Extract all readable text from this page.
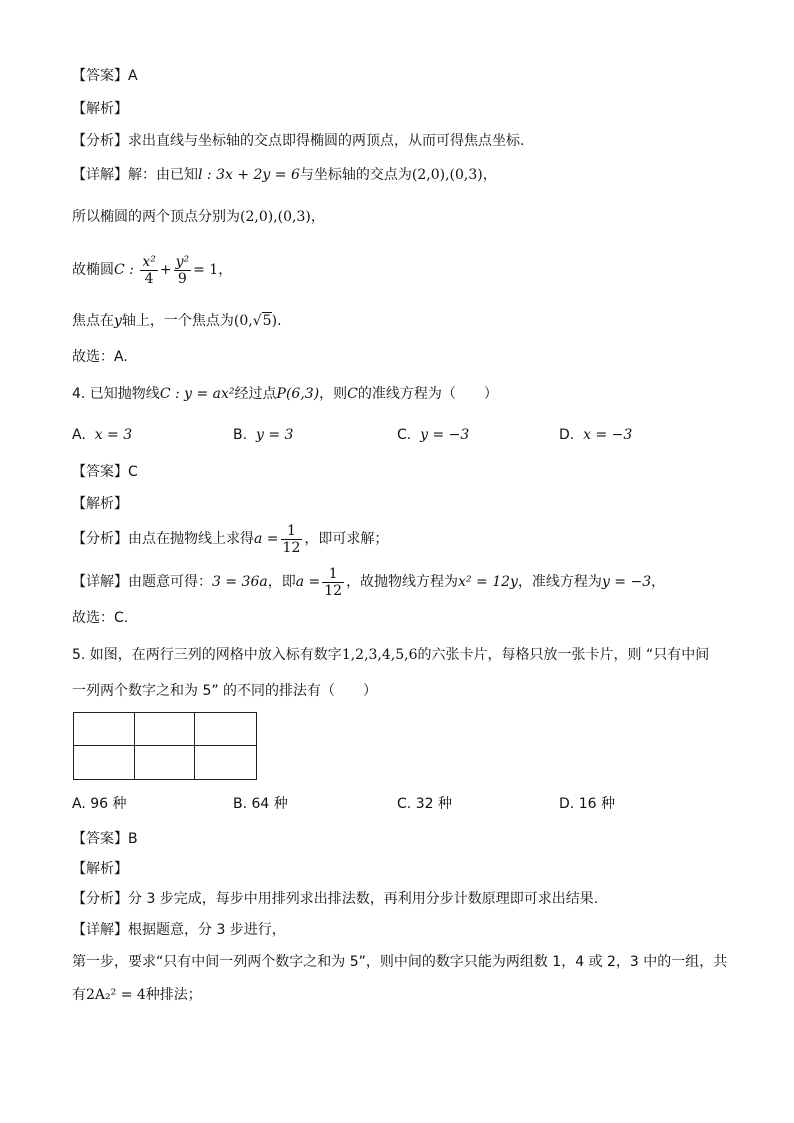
【答案】A
【解析】
【分析】求出直线与坐标轴的交点即得椭圆的两顶点，从而可得焦点坐标.
【详解】解：由已知l : 3x + 2y = 6与坐标轴的交点为(2,0),(0,3)，
所以椭圆的两个顶点分别为(2,0),(0,3)，
故椭圆C : $\frac{\text{x²}}{4} + \frac{\text{y²}}{9} = 1$，
焦点在y轴上，一个焦点为(0,√5).
故选：A.
4. 已知抛物线C : y = ax²经过点P(6,3)，则C的准线方程为（　　）
A. x = 3	B. y = 3	C. y = −3	D. x = −3
【答案】C
【解析】
【分析】由点在抛物线上求得$a = \frac{1}{12}$ ，即可求解；
【详解】由题意可得：3 = 36a，即$a = \frac{1}{12}$ ，故抛物线方程为x² = 12y，准线方程为y = −3，
故选：C.
5. 如图，在两行三列的网格中放入标有数字1,2,3,4,5,6的六张卡片，每格只放一张卡片，则 “只有中间
一列两个数字之和为 5” 的不同的排法有（　　）
A. 96 种	B. 64 种	C. 32 种	D. 16 种
【答案】B
【解析】
【分析】分 3 步完成，每步中用排列求出排法数，再利用分步计数原理即可求出结果.
【详解】根据题意，分 3 步进行，
第一步，要求“只有中间一列两个数字之和为 5”，则中间的数字只能为两组数 1，4 或 2，3 中的一组，共
有2A₂² = 4种排法；
